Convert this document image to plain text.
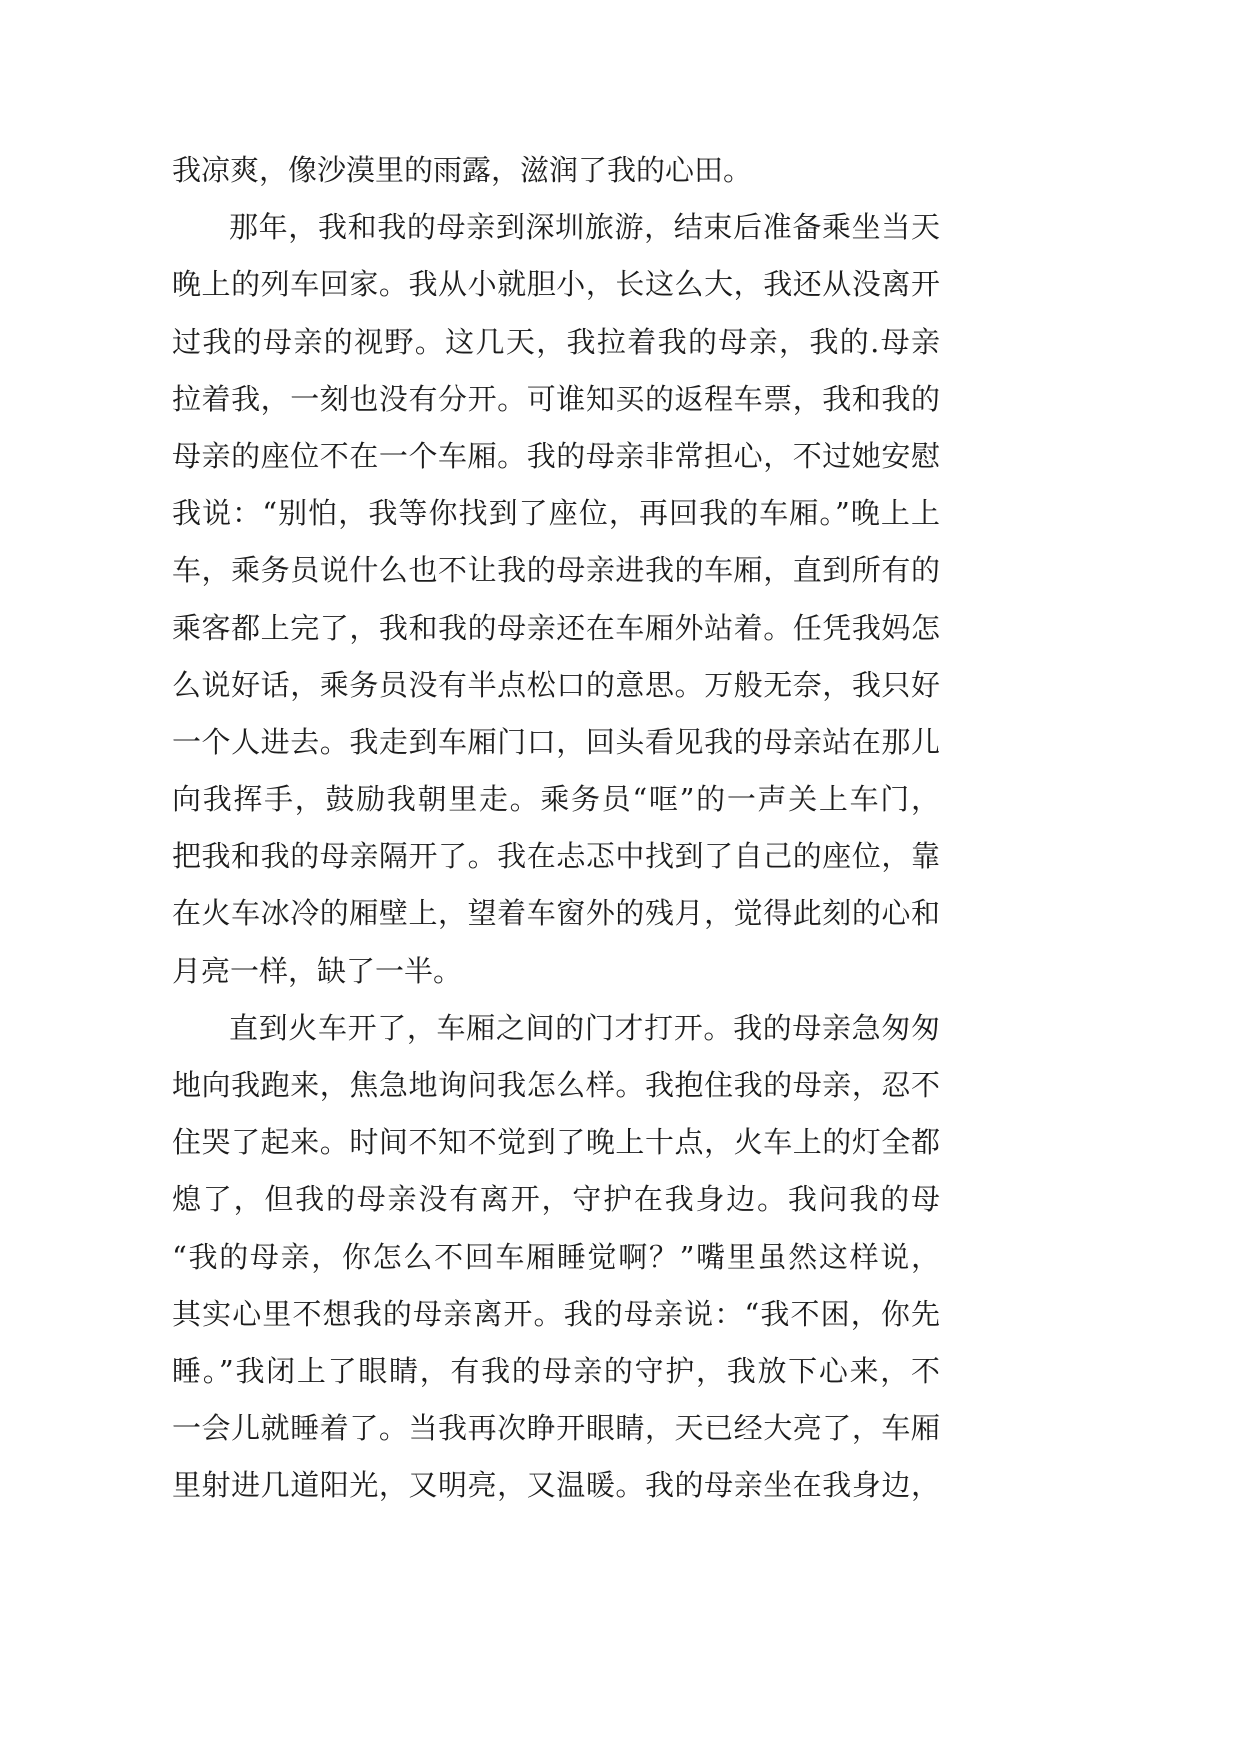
我凉爽，像沙漠里的雨露，滋润了我的心田。
那年，我和我的母亲到深圳旅游，结束后准备乘坐当天
晚上的列车回家。我从小就胆小，长这么大，我还从没离开
过我的母亲的视野。这几天，我拉着我的母亲，我的.母亲
拉着我，一刻也没有分开。可谁知买的返程车票，我和我的
母亲的座位不在一个车厢。我的母亲非常担心，不过她安慰
我说：“别怕，我等你找到了座位，再回我的车厢。”晚上上
车，乘务员说什么也不让我的母亲进我的车厢，直到所有的
乘客都上完了，我和我的母亲还在车厢外站着。任凭我妈怎
么说好话，乘务员没有半点松口的意思。万般无奈，我只好
一个人进去。我走到车厢门口，回头看见我的母亲站在那儿
向我挥手，鼓励我朝里走。乘务员“哐”的一声关上车门，
把我和我的母亲隔开了。我在忐忑中找到了自己的座位，靠
在火车冰冷的厢壁上，望着车窗外的残月，觉得此刻的心和
月亮一样，缺了一半。
直到火车开了，车厢之间的门才打开。我的母亲急匆匆
地向我跑来，焦急地询问我怎么样。我抱住我的母亲，忍不
住哭了起来。时间不知不觉到了晚上十点，火车上的灯全都
熄了，但我的母亲没有离开，守护在我身边。我问我的母
“我的母亲，你怎么不回车厢睡觉啊？”嘴里虽然这样说，
其实心里不想我的母亲离开。我的母亲说：“我不困，你先
睡。”我闭上了眼睛，有我的母亲的守护，我放下心来，不
一会儿就睡着了。当我再次睁开眼睛，天已经大亮了，车厢
里射进几道阳光，又明亮，又温暖。我的母亲坐在我身边，
